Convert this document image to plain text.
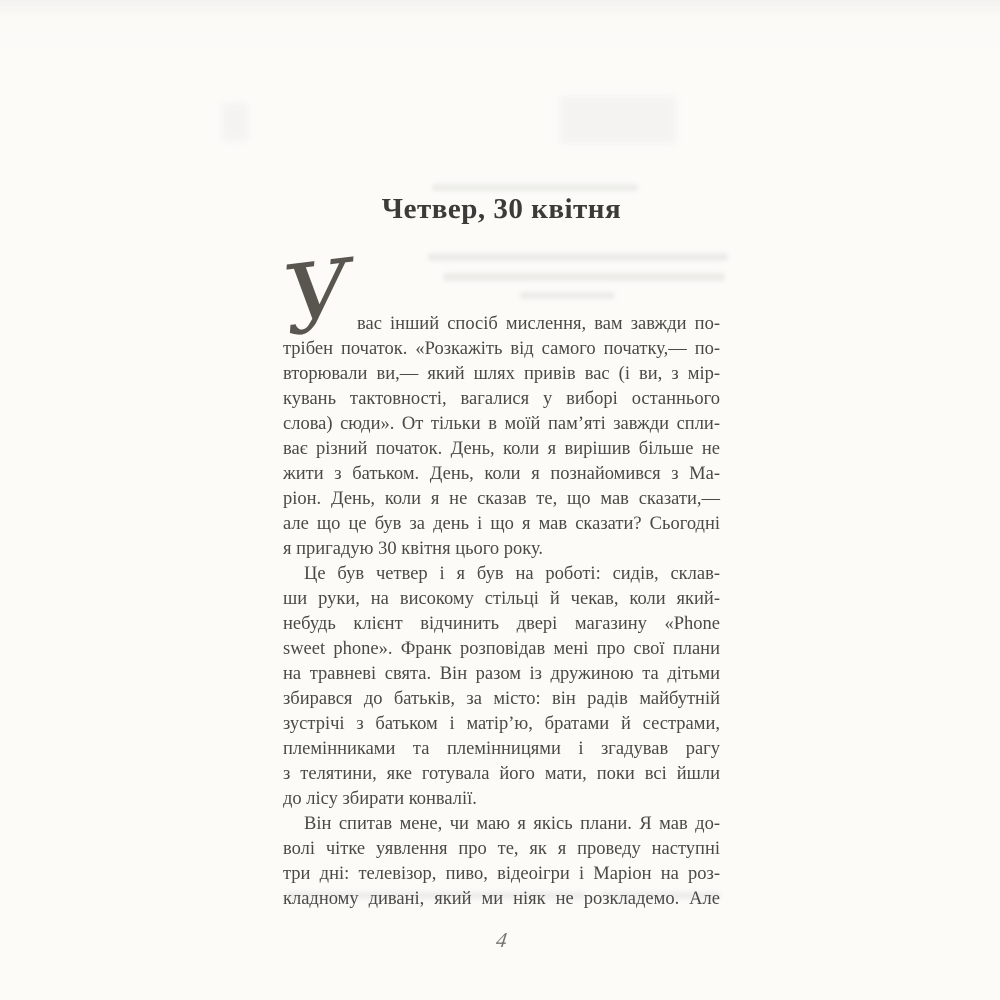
Четвер, 30 квітня
У
вас інший спосіб мислення, вам завжди по-
трібен початок. «Розкажіть від самого початку,— по-
вторювали ви,— який шлях привів вас (і ви, з мір-
кувань тактовності, вагалися у виборі останнього
слова) сюди». От тільки в моїй пам’яті завжди спли-
ває різний початок. День, коли я вирішив більше не
жити з батьком. День, коли я познайомився з Ма-
ріон. День, коли я не сказав те, що мав сказати,—
але що це був за день і що я мав сказати? Сьогодні
я пригадую 30 квітня цього року.
Це був четвер і я був на роботі: сидів, склав-
ши руки, на високому стільці й чекав, коли який-
небудь клієнт відчинить двері магазину «Phone
sweet phone». Франк розповідав мені про свої плани
на травневі свята. Він разом із дружиною та дітьми
збирався до батьків, за місто: він радів майбутній
зустрічі з батьком і матір’ю, братами й сестрами,
племінниками та племінницями і згадував рагу
з телятини, яке готувала його мати, поки всі йшли
до лісу збирати конвалії.
Він спитав мене, чи маю я якісь плани. Я мав до-
волі чітке уявлення про те, як я проведу наступні
три дні: телевізор, пиво, відеоігри і Маріон на роз-
кладному дивані, який ми ніяк не розкладемо. Але
4
